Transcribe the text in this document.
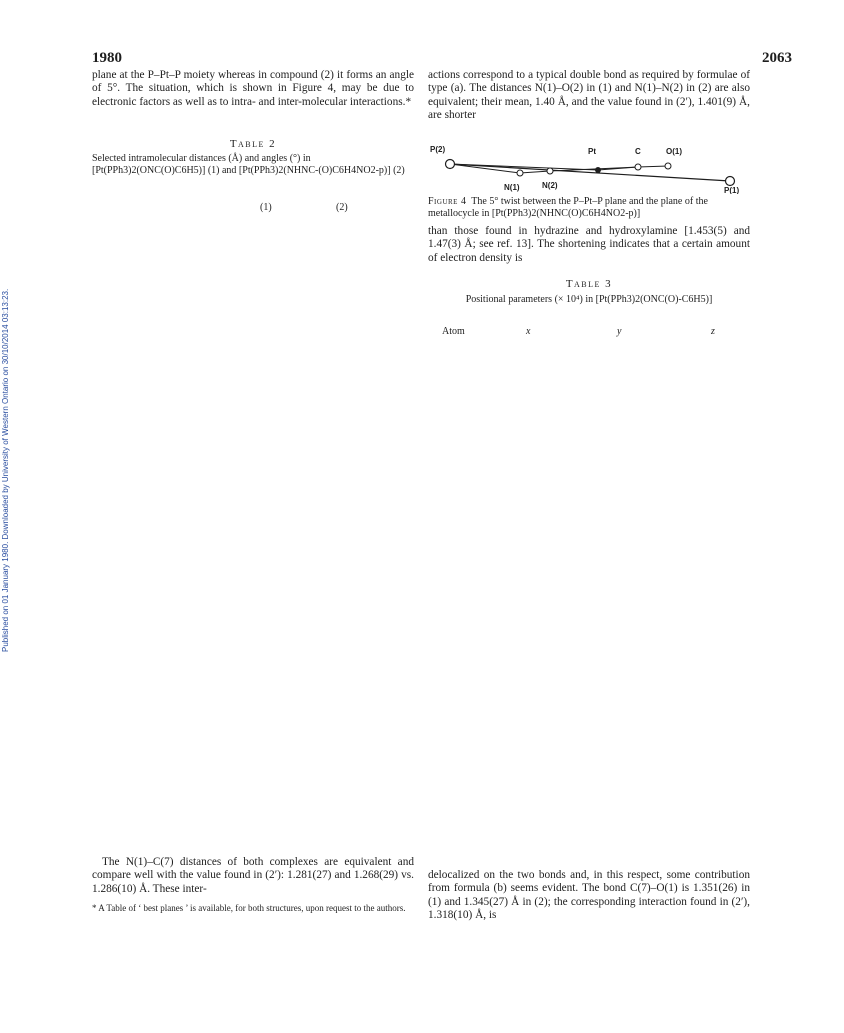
1980	2063
Published on 01 January 1980. Downloaded by University of Western Ontario on 30/10/2014 03:13:23.

plane at the P–Pt–P moiety whereas in compound (2) it forms an angle of 5°. The situation, which is shown in Figure 4, may be due to electronic factors as well as to intra- and inter-molecular interactions.*

Table 2
Selected intramolecular distances (Å) and angles (°) in [Pt(PPh3)2(ONC(O)C6H5)] (1) and [Pt(PPh3)2(NHNC-(O)C6H4NO2-p)] (2)
(1)	(2)

The N(1)–C(7) distances of both complexes are equivalent and compare well with the value found in (2′): 1.281(27) and 1.268(29) vs. 1.286(10) Å. These inter-

* A Table of ‘ best planes ’ is available, for both structures, upon request to the authors.

actions correspond to a typical double bond as required by formulae of type (a). The distances N(1)–O(2) in (1) and N(1)–N(2) in (2) are also equivalent; their mean, 1.40 Å, and the value found in (2′), 1.401(9) Å, are shorter

P(2)	Pt	C	O(1)
N(1)	N(2)
P(1)
Figure 4 The 5° twist between the P–Pt–P plane and the plane of the metallocycle in [Pt(PPh3)2(NHNC(O)C6H4NO2-p)]

than those found in hydrazine and hydroxylamine [1.453(5) and 1.47(3) Å; see ref. 13]. The shortening indicates that a certain amount of electron density is

Table 3
Positional parameters (× 10⁴) in [Pt(PPh3)2(ONC(O)-C6H5)]
Atom	x	y	z

delocalized on the two bonds and, in this respect, some contribution from formula (b) seems evident. The bond C(7)–O(1) is 1.351(26) in (1) and 1.345(27) Å in (2); the corresponding interaction found in (2′), 1.318(10) Å, is
